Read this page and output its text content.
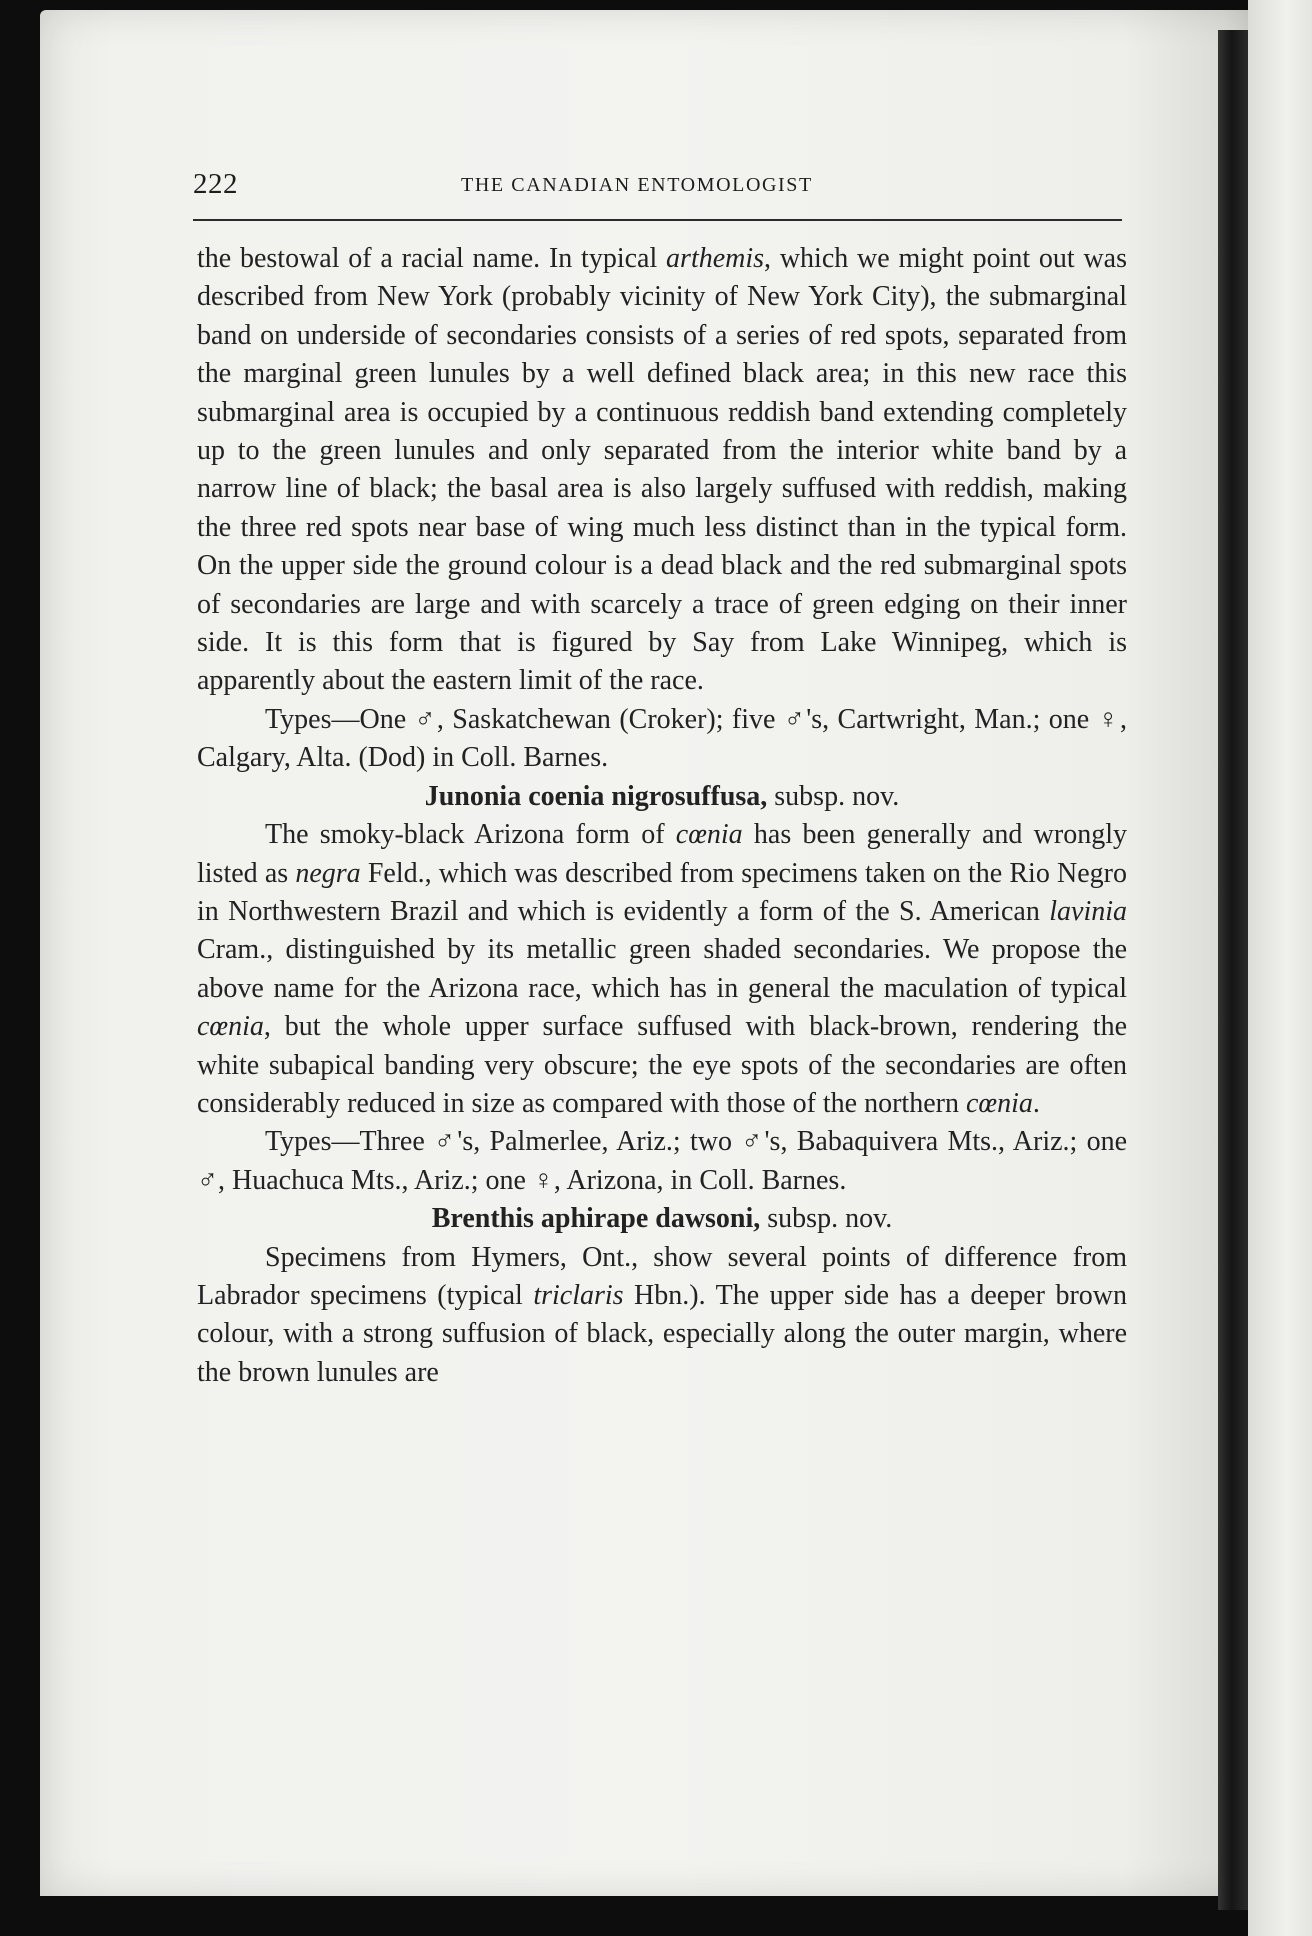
222	THE CANADIAN ENTOMOLOGIST

the bestowal of a racial name. In typical arthemis, which we might point out was described from New York (probably vicinity of New York City), the submarginal band on underside of secondaries consists of a series of red spots, separated from the marginal green lunules by a well defined black area; in this new race this submarginal area is occupied by a continuous reddish band extending completely up to the green lunules and only separated from the interior white band by a narrow line of black; the basal area is also largely suffused with reddish, making the three red spots near base of wing much less distinct than in the typical form. On the upper side the ground colour is a dead black and the red submarginal spots of secondaries are large and with scarcely a trace of green edging on their inner side. It is this form that is figured by Say from Lake Winnipeg, which is apparently about the eastern limit of the race.

Types—One ♂, Saskatchewan (Croker); five ♂'s, Cartwright, Man.; one ♀, Calgary, Alta. (Dod) in Coll. Barnes.

Junonia coenia nigrosuffusa, subsp. nov.

The smoky-black Arizona form of cœnia has been generally and wrongly listed as negra Feld., which was described from specimens taken on the Rio Negro in Northwestern Brazil and which is evidently a form of the S. American lavinia Cram., distinguished by its metallic green shaded secondaries. We propose the above name for the Arizona race, which has in general the maculation of typical cœnia, but the whole upper surface suffused with black-brown, rendering the white subapical banding very obscure; the eye spots of the secondaries are often considerably reduced in size as compared with those of the northern cœnia.

Types—Three ♂'s, Palmerlee, Ariz.; two ♂'s, Babaquivera Mts., Ariz.; one ♂, Huachuca Mts., Ariz.; one ♀, Arizona, in Coll. Barnes.

Brenthis aphirape dawsoni, subsp. nov.

Specimens from Hymers, Ont., show several points of difference from Labrador specimens (typical triclaris Hbn.). The upper side has a deeper brown colour, with a strong suffusion of black, especially along the outer margin, where the brown lunules are
